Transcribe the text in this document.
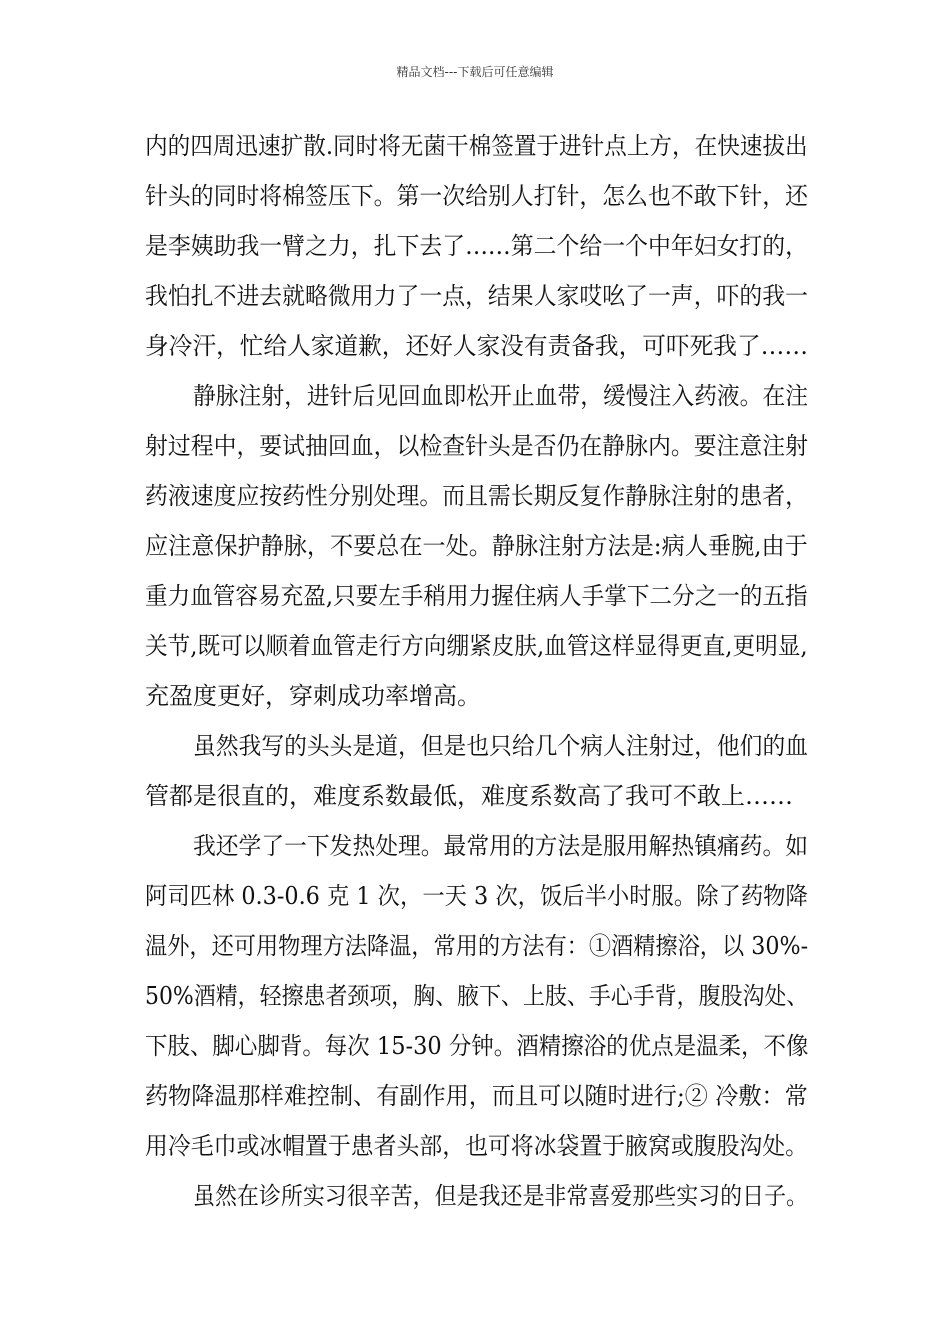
精品文档---下载后可任意编辑
内的四周迅速扩散.同时将无菌干棉签置于进针点上方，在快速拔出
针头的同时将棉签压下。第一次给别人打针，怎么也不敢下针，还
是李姨助我一臂之力，扎下去了……第二个给一个中年妇女打的，
我怕扎不进去就略微用力了一点，结果人家哎吆了一声，吓的我一
身冷汗，忙给人家道歉，还好人家没有责备我，可吓死我了……
静脉注射，进针后见回血即松开止血带，缓慢注入药液。在注
射过程中，要试抽回血，以检查针头是否仍在静脉内。要注意注射
药液速度应按药性分别处理。而且需长期反复作静脉注射的患者，
应注意保护静脉，不要总在一处。静脉注射方法是:病人垂腕,由于
重力血管容易充盈,只要左手稍用力握住病人手掌下二分之一的五指
关节,既可以顺着血管走行方向绷紧皮肤,血管这样显得更直,更明显,
充盈度更好，穿刺成功率增高。
虽然我写的头头是道，但是也只给几个病人注射过，他们的血
管都是很直的，难度系数最低，难度系数高了我可不敢上……
我还学了一下发热处理。最常用的方法是服用解热镇痛药。如
阿司匹林 0.3-0.6 克 1 次，一天 3 次，饭后半小时服。除了药物降
温外，还可用物理方法降温，常用的方法有：①酒精擦浴，以 30%-
50%酒精，轻擦患者颈项，胸、腋下、上肢、手心手背，腹股沟处、
下肢、脚心脚背。每次 15-30 分钟。酒精擦浴的优点是温柔，不像
药物降温那样难控制、有副作用，而且可以随时进行;② 冷敷：常
用冷毛巾或冰帽置于患者头部，也可将冰袋置于腋窝或腹股沟处。
虽然在诊所实习很辛苦，但是我还是非常喜爱那些实习的日子。
